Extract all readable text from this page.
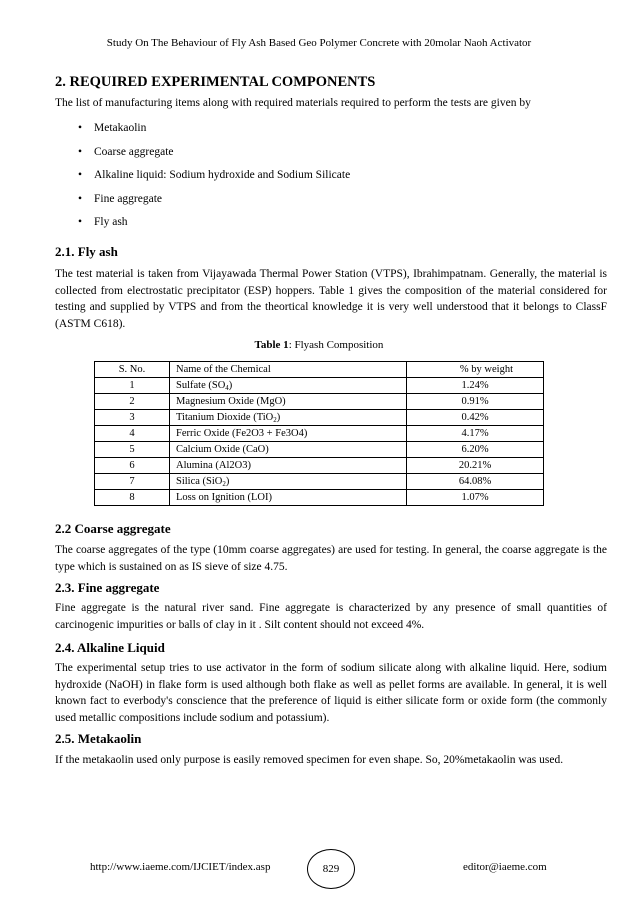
Study On The Behaviour of Fly Ash Based Geo Polymer Concrete with 20molar Naoh Activator
2. REQUIRED EXPERIMENTAL COMPONENTS

The list of manufacturing items along with required materials required to perform the tests are given by

• Metakaolin
• Coarse aggregate
• Alkaline liquid: Sodium hydroxide and Sodium Silicate
• Fine aggregate
• Fly ash
2.1. Fly ash

The test material is taken from Vijayawada Thermal Power Station (VTPS), Ibrahimpatnam. Generally, the material is collected from electrostatic precipitator (ESP) hoppers. Table 1 gives the composition of the material considered for testing and supplied by VTPS and from the theortical knowledge it is very well understood that it belongs to ClassF (ASTM C618).

Table 1: Flyash Composition
S. No.	Name of the Chemical	% by weight
1	Sulfate $(SO_4)$	1.24%
2	Magnesium Oxide (MgO)	0.91%
3	Titanium Dioxide (TiO$_2$)	0.42%
4	Ferric Oxide (Fe2O3 + Fe3O4)	4.17%
5	Calcium Oxide (CaO)	6.20%
6	Alumina (Al2O3)	20.21%
7	Silica (SiO$_2$)	64.08%
8	Loss on Ignition (LOI)	1.07%
2.2 Coarse aggregate

The coarse aggregates of the type (10mm coarse aggregates) are used for testing. In general, the coarse aggregate is the type which is sustained on as IS sieve of size 4.75.

2.3. Fine aggregate

Fine aggregate is the natural river sand. Fine aggregate is characterized by any presence of small quantities of carcinogenic impurities or balls of clay in it . Silt content should not exceed 4%.

2.4. Alkaline Liquid

The experimental setup tries to use activator in the form of sodium silicate along with alkaline liquid. Here, sodium hydroxide (NaOH) in flake form is used although both flake as well as pellet forms are available. In general, it is well known fact to everbody's conscience that the preference of liquid is either silicate form or oxide form (the commonly used metallic compositions include sodium and potassium).

2.5. Metakaolin

If the metakaolin used only purpose is easily removed specimen for even shape. So, 20%metakaolin was used.

http://www.iaeme.com/IJCIET/index.asp	829	editor@iaeme.com
